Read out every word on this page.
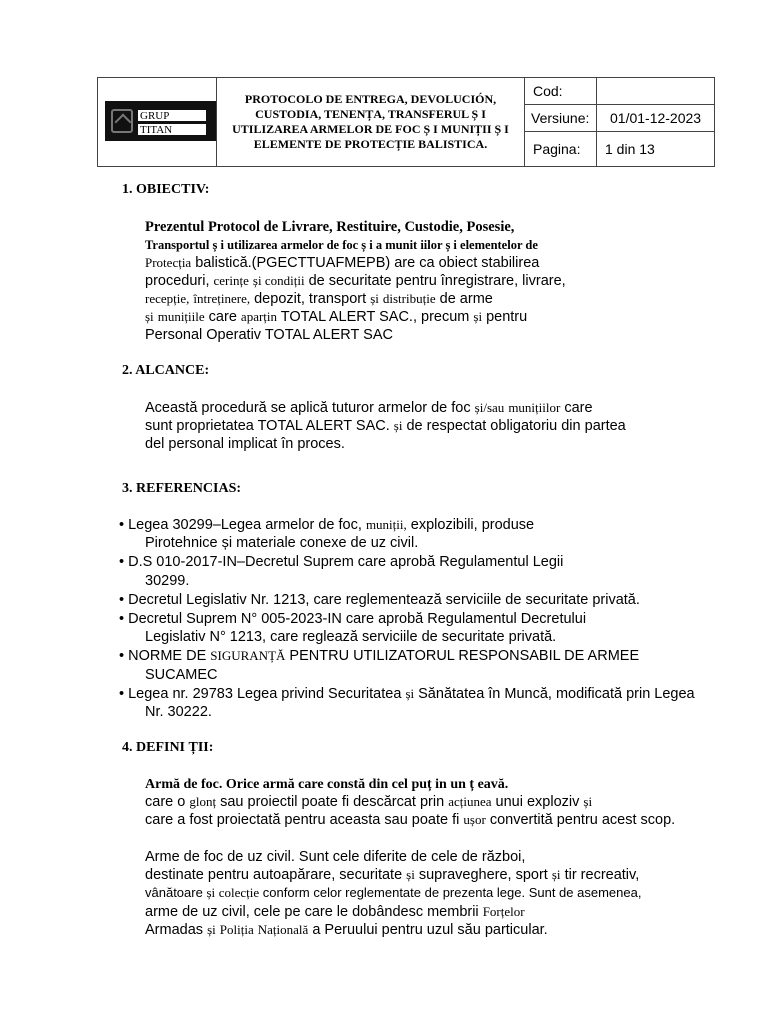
GRUP
TITAN
PROTOCOLO DE ENTREGA, DEVOLUCIÓN, CUSTODIA, TENENȚA, TRANSFERUL Ș I UTILIZAREA ARMELOR DE FOC Ș I MUNIȚII Ș I ELEMENTE DE PROTECȚIE BALISTICA.
Cod:
Versiune: 01/01-12-2023
Pagina: 1 din 13
1. OBIECTIV:
Prezentul Protocol de Livrare, Restituire, Custodie, Posesie,
Transportul ș i utilizarea armelor de foc ș i a munit iilor ș i elementelor de
Protecția balistică.(PGECTTUAFMEPB) are ca obiect stabilirea
proceduri, cerințe și condiții de securitate pentru înregistrare, livrare,
recepție, întreținere, depozit, transport și distribuție de arme
și munițiile care aparțin TOTAL ALERT SAC., precum și pentru
Personal Operativ TOTAL ALERT SAC
2. ALCANCE:
Această procedură se aplică tuturor armelor de foc și/sau munițiilor care
sunt proprietatea TOTAL ALERT SAC. și de respectat obligatoriu din partea
del personal implicat în proces.
3. REFERENCIAS:
• Legea 30299–Legea armelor de foc, muniții, explozibili, produse
Pirotehnice și materiale conexe de uz civil.
• D.S 010-2017-IN–Decretul Suprem care aprobă Regulamentul Legii
30299.
• Decretul Legislativ Nr. 1213, care reglementează serviciile de securitate privată.
• Decretul Suprem N° 005-2023-IN care aprobă Regulamentul Decretului
Legislativ N° 1213, care reglează serviciile de securitate privată.
• NORME DE SIGURANȚĂ PENTRU UTILIZATORUL RESPONSABIL DE ARMEE
SUCAMEC
• Legea nr. 29783 Legea privind Securitatea și Sănătatea în Muncă, modificată prin Legea
Nr. 30222.
4. DEFINI ȚII:
Armă de foc. Orice armă care constă din cel puț in un ț eavă.
care o glonț sau proiectil poate fi descărcat prin acțiunea unui exploziv și
care a fost proiectată pentru aceasta sau poate fi ușor convertită pentru acest scop.
Arme de foc de uz civil. Sunt cele diferite de cele de război,
destinate pentru autoapărare, securitate și supraveghere, sport și tir recreativ,
vânătoare și colecție conform celor reglementate de prezenta lege. Sunt de asemenea,
arme de uz civil, cele pe care le dobândesc membrii Forțelor
Armadas și Poliția Națională a Peruului pentru uzul său particular.
